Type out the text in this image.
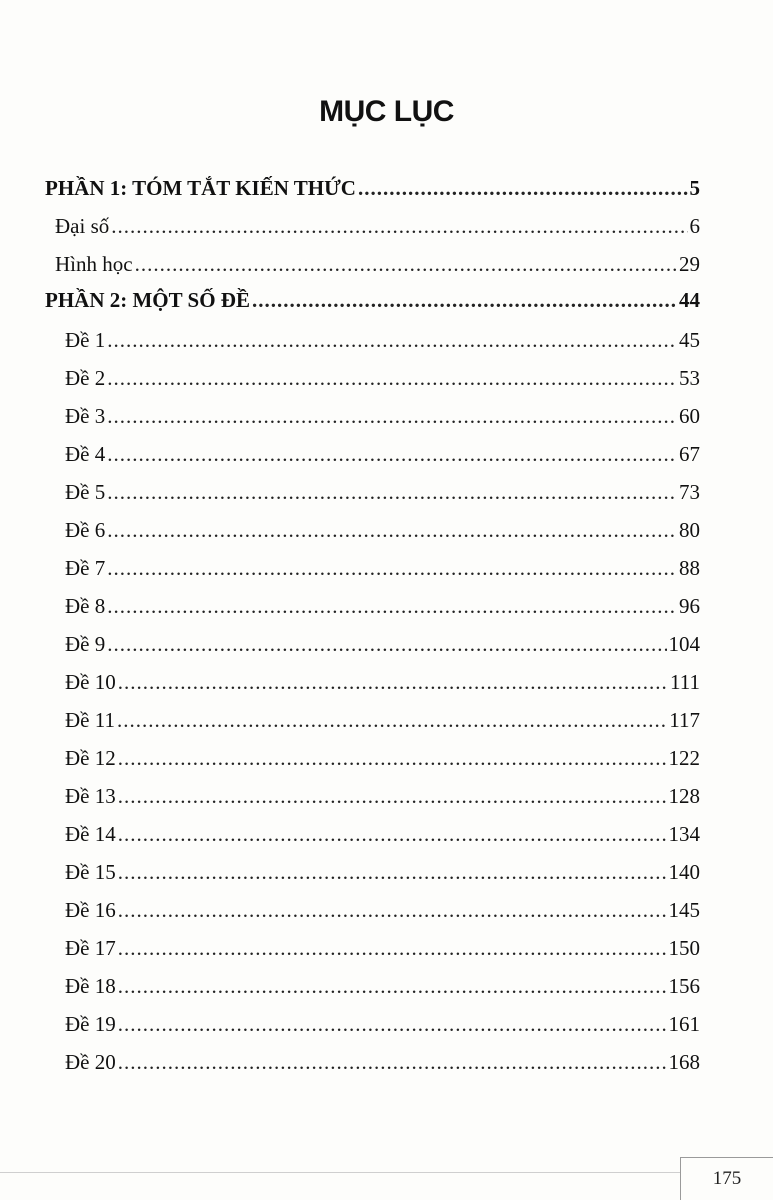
MỤC LỤC
PHẦN 1: TÓM TẮT KIẾN THỨC .....	5
Đại số .....	6
Hình học .....	29
PHẦN 2: MỘT SỐ ĐỀ .....	44
Đề 1 .....	45
Đề 2 .....	53
Đề 3 .....	60
Đề 4 .....	67
Đề 5 .....	73
Đề 6 .....	80
Đề 7 .....	88
Đề 8 .....	96
Đề 9 .....	104
Đề 10 .....	111
Đề 11 .....	117
Đề 12 .....	122
Đề 13 .....	128
Đề 14 .....	134
Đề 15 .....	140
Đề 16 .....	145
Đề 17 .....	150
Đề 18 .....	156
Đề 19 .....	161
Đề 20 .....	168
175
